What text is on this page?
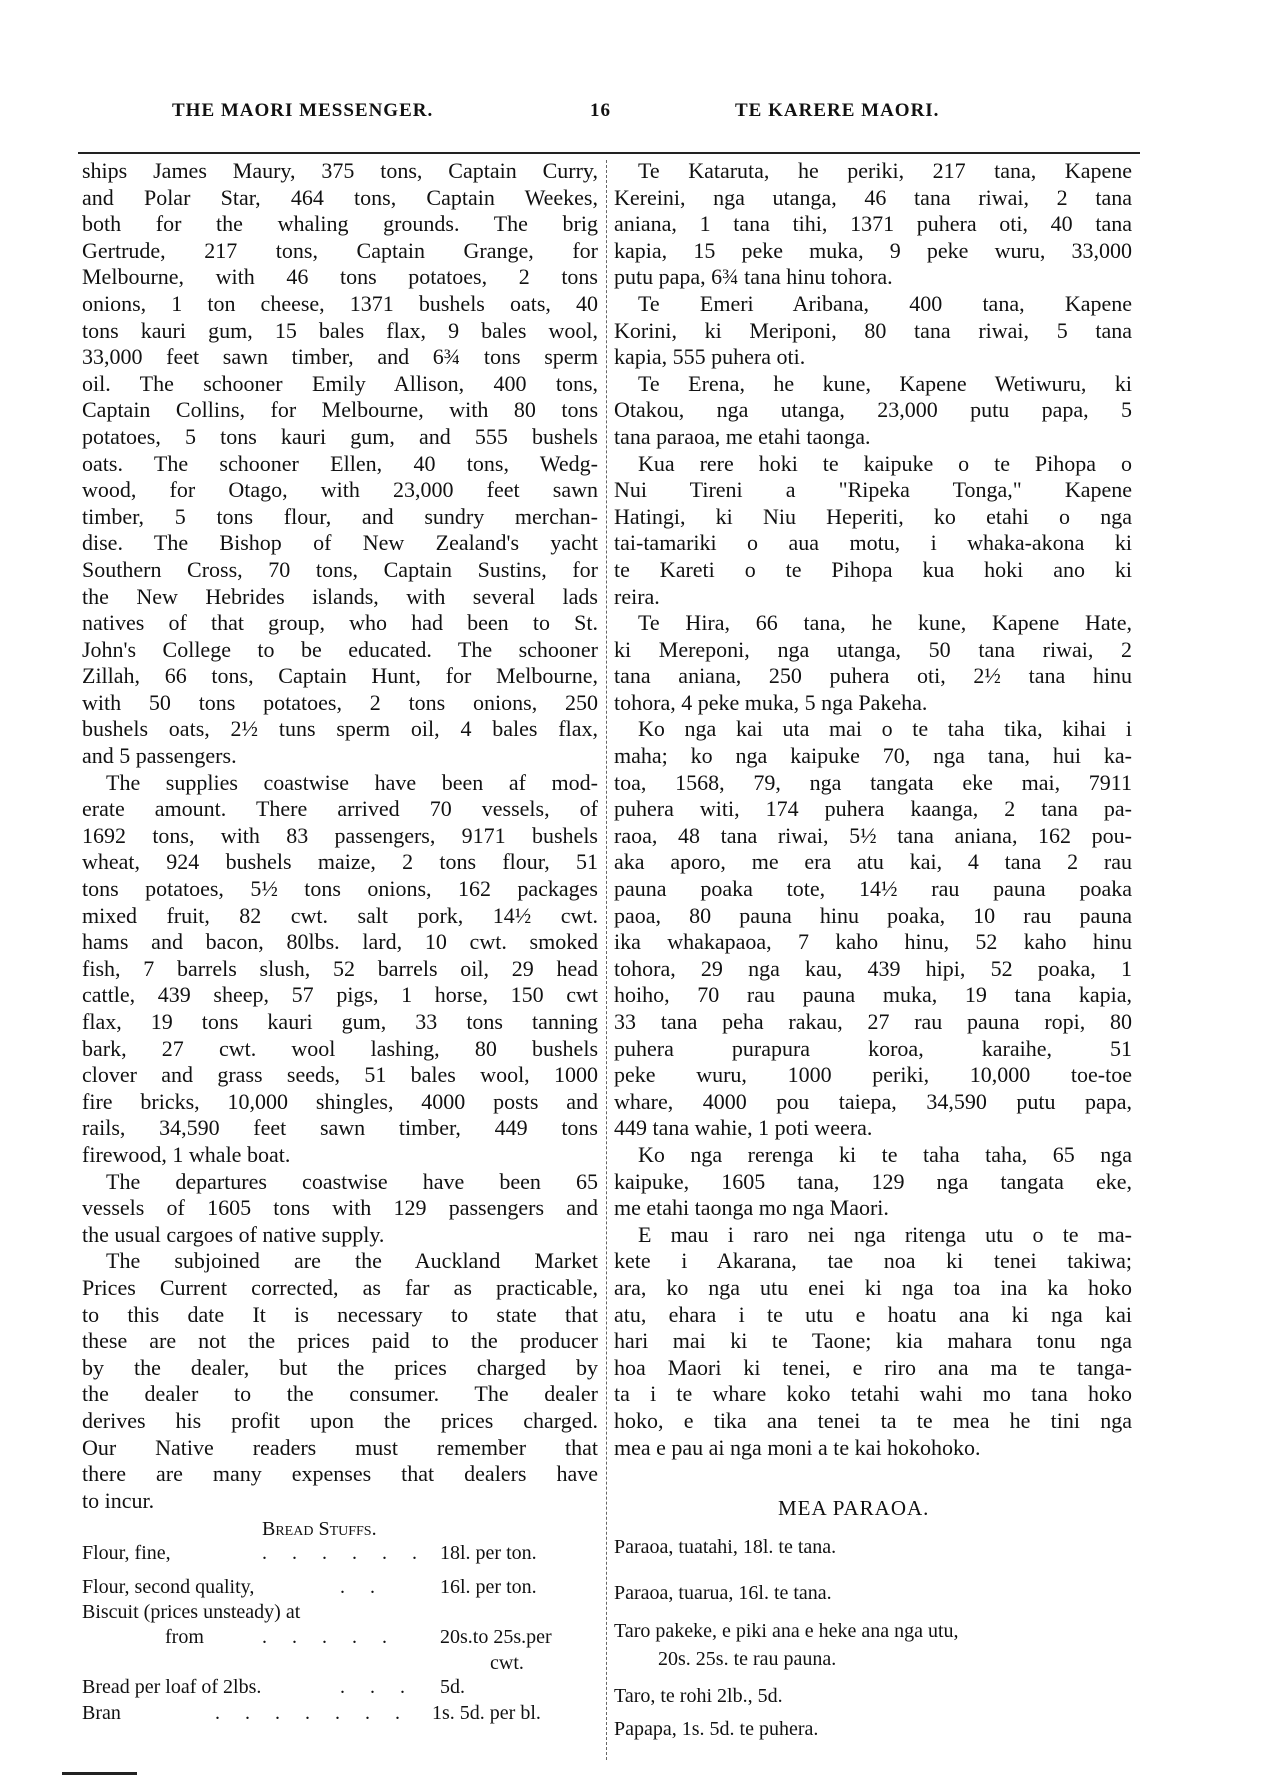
THE MAORI MESSENGER.	16	TE KARERE MAORI.
ships James Maury, 375 tons, Captain Curry,
and Polar Star, 464 tons, Captain Weekes,
both for the whaling grounds. The brig
Gertrude, 217 tons, Captain Grange, for
Melbourne, with 46 tons potatoes, 2 tons
onions, 1 ton cheese, 1371 bushels oats, 40
tons kauri gum, 15 bales flax, 9 bales wool,
33,000 feet sawn timber, and 6¾ tons sperm
oil. The schooner Emily Allison, 400 tons,
Captain Collins, for Melbourne, with 80 tons
potatoes, 5 tons kauri gum, and 555 bushels
oats. The schooner Ellen, 40 tons, Wedg-
wood, for Otago, with 23,000 feet sawn
timber, 5 tons flour, and sundry merchan-
dise. The Bishop of New Zealand's yacht
Southern Cross, 70 tons, Captain Sustins, for
the New Hebrides islands, with several lads
natives of that group, who had been to St.
John's College to be educated. The schooner
Zillah, 66 tons, Captain Hunt, for Melbourne,
with 50 tons potatoes, 2 tons onions, 250
bushels oats, 2½ tuns sperm oil, 4 bales flax,
and 5 passengers.
The supplies coastwise have been af mod-
erate amount. There arrived 70 vessels, of
1692 tons, with 83 passengers, 9171 bushels
wheat, 924 bushels maize, 2 tons flour, 51
tons potatoes, 5½ tons onions, 162 packages
mixed fruit, 82 cwt. salt pork, 14½ cwt.
hams and bacon, 80lbs. lard, 10 cwt. smoked
fish, 7 barrels slush, 52 barrels oil, 29 head
cattle, 439 sheep, 57 pigs, 1 horse, 150 cwt
flax, 19 tons kauri gum, 33 tons tanning
bark, 27 cwt. wool lashing, 80 bushels
clover and grass seeds, 51 bales wool, 1000
fire bricks, 10,000 shingles, 4000 posts and
rails, 34,590 feet sawn timber, 449 tons
firewood, 1 whale boat.
The departures coastwise have been 65
vessels of 1605 tons with 129 passengers and
the usual cargoes of native supply.
The subjoined are the Auckland Market
Prices Current corrected, as far as practicable,
to this date It is necessary to state that
these are not the prices paid to the producer
by the dealer, but the prices charged by
the dealer to the consumer. The dealer
derives his profit upon the prices charged.
Our Native readers must remember that
there are many expenses that dealers have
to incur.
Te Kataruta, he periki, 217 tana, Kapene
Kereini, nga utanga, 46 tana riwai, 2 tana
aniana, 1 tana tihi, 1371 puhera oti, 40 tana
kapia, 15 peke muka, 9 peke wuru, 33,000
putu papa, 6¾ tana hinu tohora.
Te Emeri Aribana, 400 tana, Kapene
Korini, ki Meriponi, 80 tana riwai, 5 tana
kapia, 555 puhera oti.
Te Erena, he kune, Kapene Wetiwuru, ki
Otakou, nga utanga, 23,000 putu papa, 5
tana paraoa, me etahi taonga.
Kua rere hoki te kaipuke o te Pihopa o
Nui Tireni a "Ripeka Tonga," Kapene
Hatingi, ki Niu Heperiti, ko etahi o nga
tai-tamariki o aua motu, i whaka-akona ki
te Kareti o te Pihopa kua hoki ano ki
reira.
Te Hira, 66 tana, he kune, Kapene Hate,
ki Mereponi, nga utanga, 50 tana riwai, 2
tana aniana, 250 puhera oti, 2½ tana hinu
tohora, 4 peke muka, 5 nga Pakeha.
Ko nga kai uta mai o te taha tika, kihai i
maha; ko nga kaipuke 70, nga tana, hui ka-
toa, 1568, 79, nga tangata eke mai, 7911
puhera witi, 174 puhera kaanga, 2 tana pa-
raoa, 48 tana riwai, 5½ tana aniana, 162 pou-
aka aporo, me era atu kai, 4 tana 2 rau
pauna poaka tote, 14½ rau pauna poaka
paoa, 80 pauna hinu poaka, 10 rau pauna
ika whakapaoa, 7 kaho hinu, 52 kaho hinu
tohora, 29 nga kau, 439 hipi, 52 poaka, 1
hoiho, 70 rau pauna muka, 19 tana kapia,
33 tana peha rakau, 27 rau pauna ropi, 80
puhera purapura koroa, karaihe, 51
peke wuru, 1000 periki, 10,000 toe-toe
whare, 4000 pou taiepa, 34,590 putu papa,
449 tana wahie, 1 poti weera.
Ko nga rerenga ki te taha taha, 65 nga
kaipuke, 1605 tana, 129 nga tangata eke,
me etahi taonga mo nga Maori.
E mau i raro nei nga ritenga utu o te ma-
kete i Akarana, tae noa ki tenei takiwa;
ara, ko nga utu enei ki nga toa ina ka hoko
atu, ehara i te utu e hoatu ana ki nga kai
hari mai ki te Taone; kia mahara tonu nga
hoa Maori ki tenei, e riro ana ma te tanga-
ta i te whare koko tetahi wahi mo tana hoko
hoko, e tika ana tenei ta te mea he tini nga
mea e pau ai nga moni a te kai hokohoko.
Bread Stuffs.
Flour, fine,	. . . . . . 18l. per ton.
Flour, second quality,	. .	16l. per ton.
Biscuit (prices unsteady) at
from	. . . . . 20s.to 25s.per
cwt.
Bread per loaf of 2lbs.	. . . 5d.
Bran	. . . . . . . 1s. 5d. per bl.
MEA PARAOA.
Paraoa, tuatahi, 18l. te tana.
Paraoa, tuarua, 16l. te tana.
Taro pakeke, e piki ana e heke ana nga utu,
20s. 25s. te rau pauna.
Taro, te rohi 2lb., 5d.
Papapa, 1s. 5d. te puhera.
